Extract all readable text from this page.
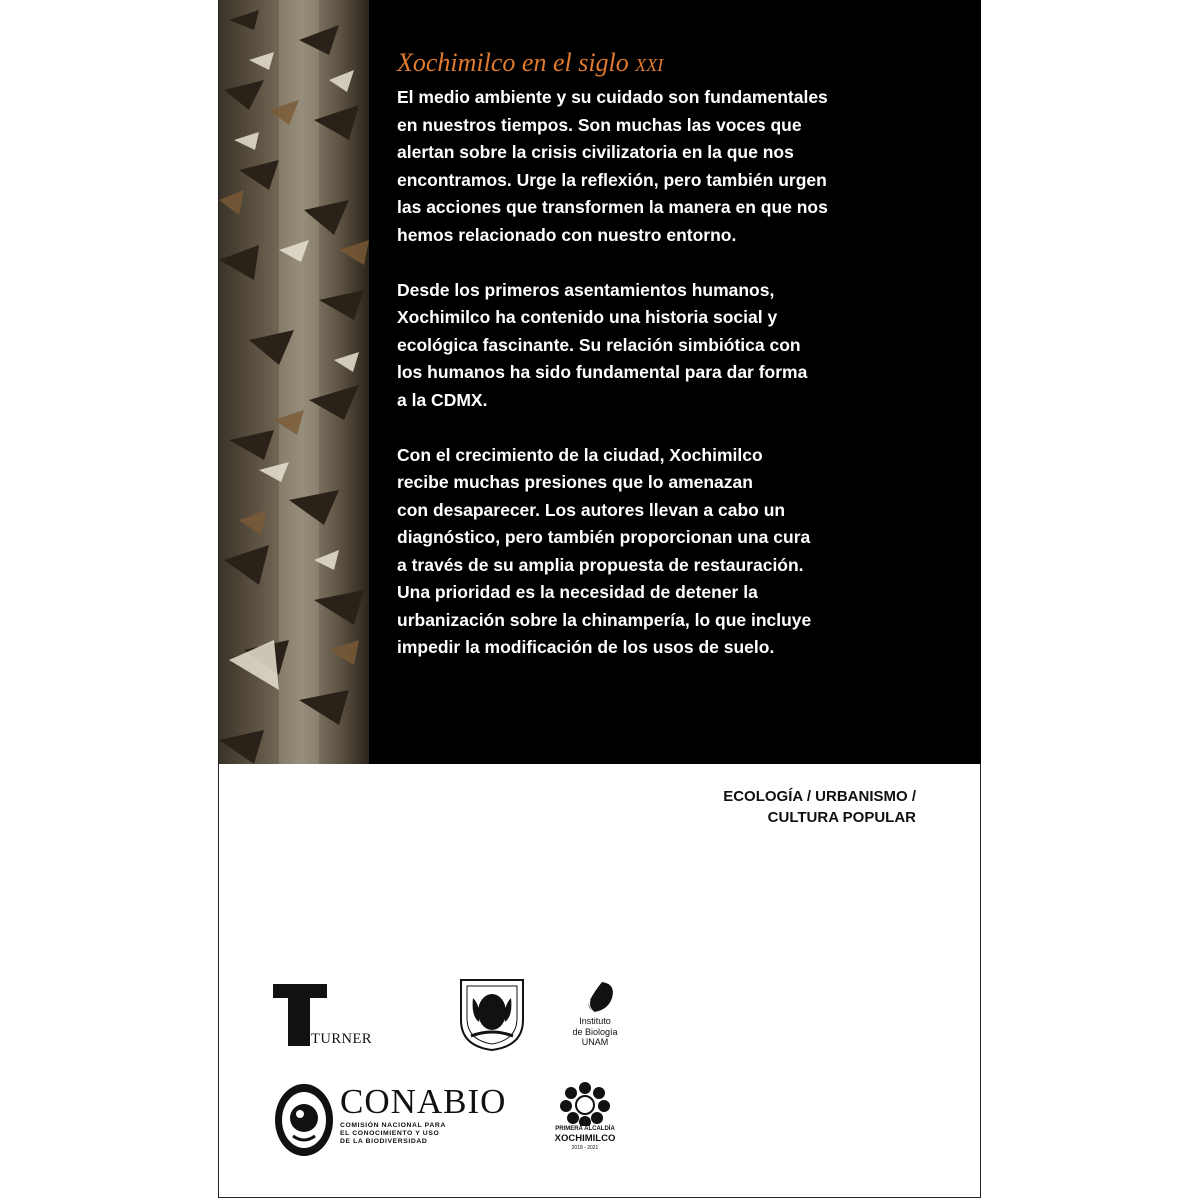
Xochimilco en el siglo XXI

El medio ambiente y su cuidado son fundamentales
en nuestros tiempos. Son muchas las voces que
alertan sobre la crisis civilizatoria en la que nos
encontramos. Urge la reflexión, pero también urgen
las acciones que transformen la manera en que nos
hemos relacionado con nuestro entorno.

Desde los primeros asentamientos humanos,
Xochimilco ha contenido una historia social y
ecológica fascinante. Su relación simbiótica con
los humanos ha sido fundamental para dar forma
a la CDMX.

Con el crecimiento de la ciudad, Xochimilco
recibe muchas presiones que lo amenazan
con desaparecer. Los autores llevan a cabo un
diagnóstico, pero también proporcionan una cura
a través de su amplia propuesta de restauración.
Una prioridad es la necesidad de detener la
urbanización sobre la chinampería, lo que incluye
impedir la modificación de los usos de suelo.

ECOLOGÍA / URBANISMO /
CULTURA POPULAR
TURNER
Instituto
de Biología
UNAM
CONABIO
COMISIÓN NACIONAL PARA
EL CONOCIMIENTO Y USO
DE LA BIODIVERSIDAD
PRIMERA ALCALDÍA
XOCHIMILCO
2018 - 2021
